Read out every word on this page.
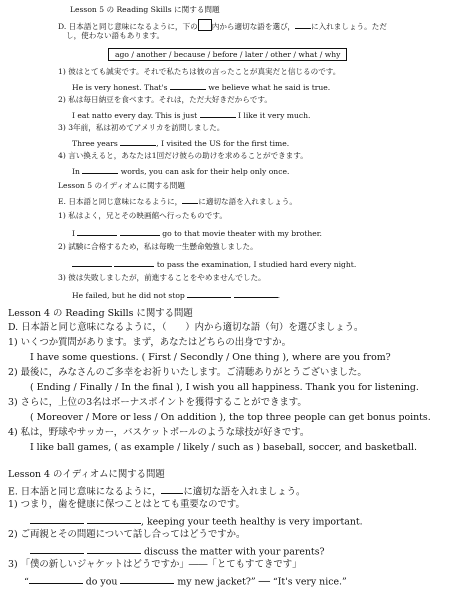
Lesson 5 の Reading Skills に関する問題
D. 日本語と同じ意味になるように，下の 内から適切な語を選び， に入れましょう。ただ
し，使わない語もあります。
ago / another / because / before / later / other / what / why
1) 彼はとても誠実です。それで私たちは彼の言ったことが真実だと信じるのです。
He is very honest. That's	we believe what he said is true.
2) 私は毎日納豆を食べます。それは，ただ大好きだからです。
I eat natto every day. This is just	I like it very much.
3) 3年前，私は初めてアメリカを訪問しました。
Three years	, I visited the US for the first time.
4) 言い換えると，あなたは1回だけ彼らの助けを求めることができます。
In	words, you can ask for their help only once.
Lesson 5 のイディオムに関する問題
E. 日本語と同じ意味になるように， に適切な語を入れましょう。
1) 私はよく，兄とその映画館へ行ったものです。
I	go to that movie theater with my brother.
2) 試験に合格するため，私は毎晩一生懸命勉強しました。
to pass the examination, I studied hard every night.
3) 彼は失敗しましたが，前進することをやめませんでした。
He failed, but he did not stop	.
Lesson 4 の Reading Skills に関する問題
D. 日本語と同じ意味になるように，（　　）内から適切な語（句）を選びましょう。
1) いくつか質問があります。まず，あなたはどちらの出身ですか。
I have some questions. ( First / Secondly / One thing ), where are you from?
2) 最後に，みなさんのご多幸をお祈りいたします。ご清聴ありがとうございました。
( Ending / Finally / In the final ), I wish you all happiness. Thank you for listening.
3) さらに，上位の3名はボーナスポイントを獲得することができます。
( Moreover / More or less / On addition ), the top three people can get bonus points.
4) 私は，野球やサッカー，バスケットボールのような球技が好きです。
I like ball games, ( as example / likely / such as ) baseball, soccer, and basketball.
Lesson 4 のイディオムに関する問題
E. 日本語と同じ意味になるように， に適切な語を入れましょう。
1) つまり，歯を健康に保つことはとても重要なのです。
, keeping your teeth healthy is very important.
2) ご両親とその問題について話し合ってはどうですか。
discuss the matter with your parents?
3) 「僕の新しいジャケットはどうですか」――「とてもすてきです」
“	do you	my new jacket?” ── “It's very nice.”
